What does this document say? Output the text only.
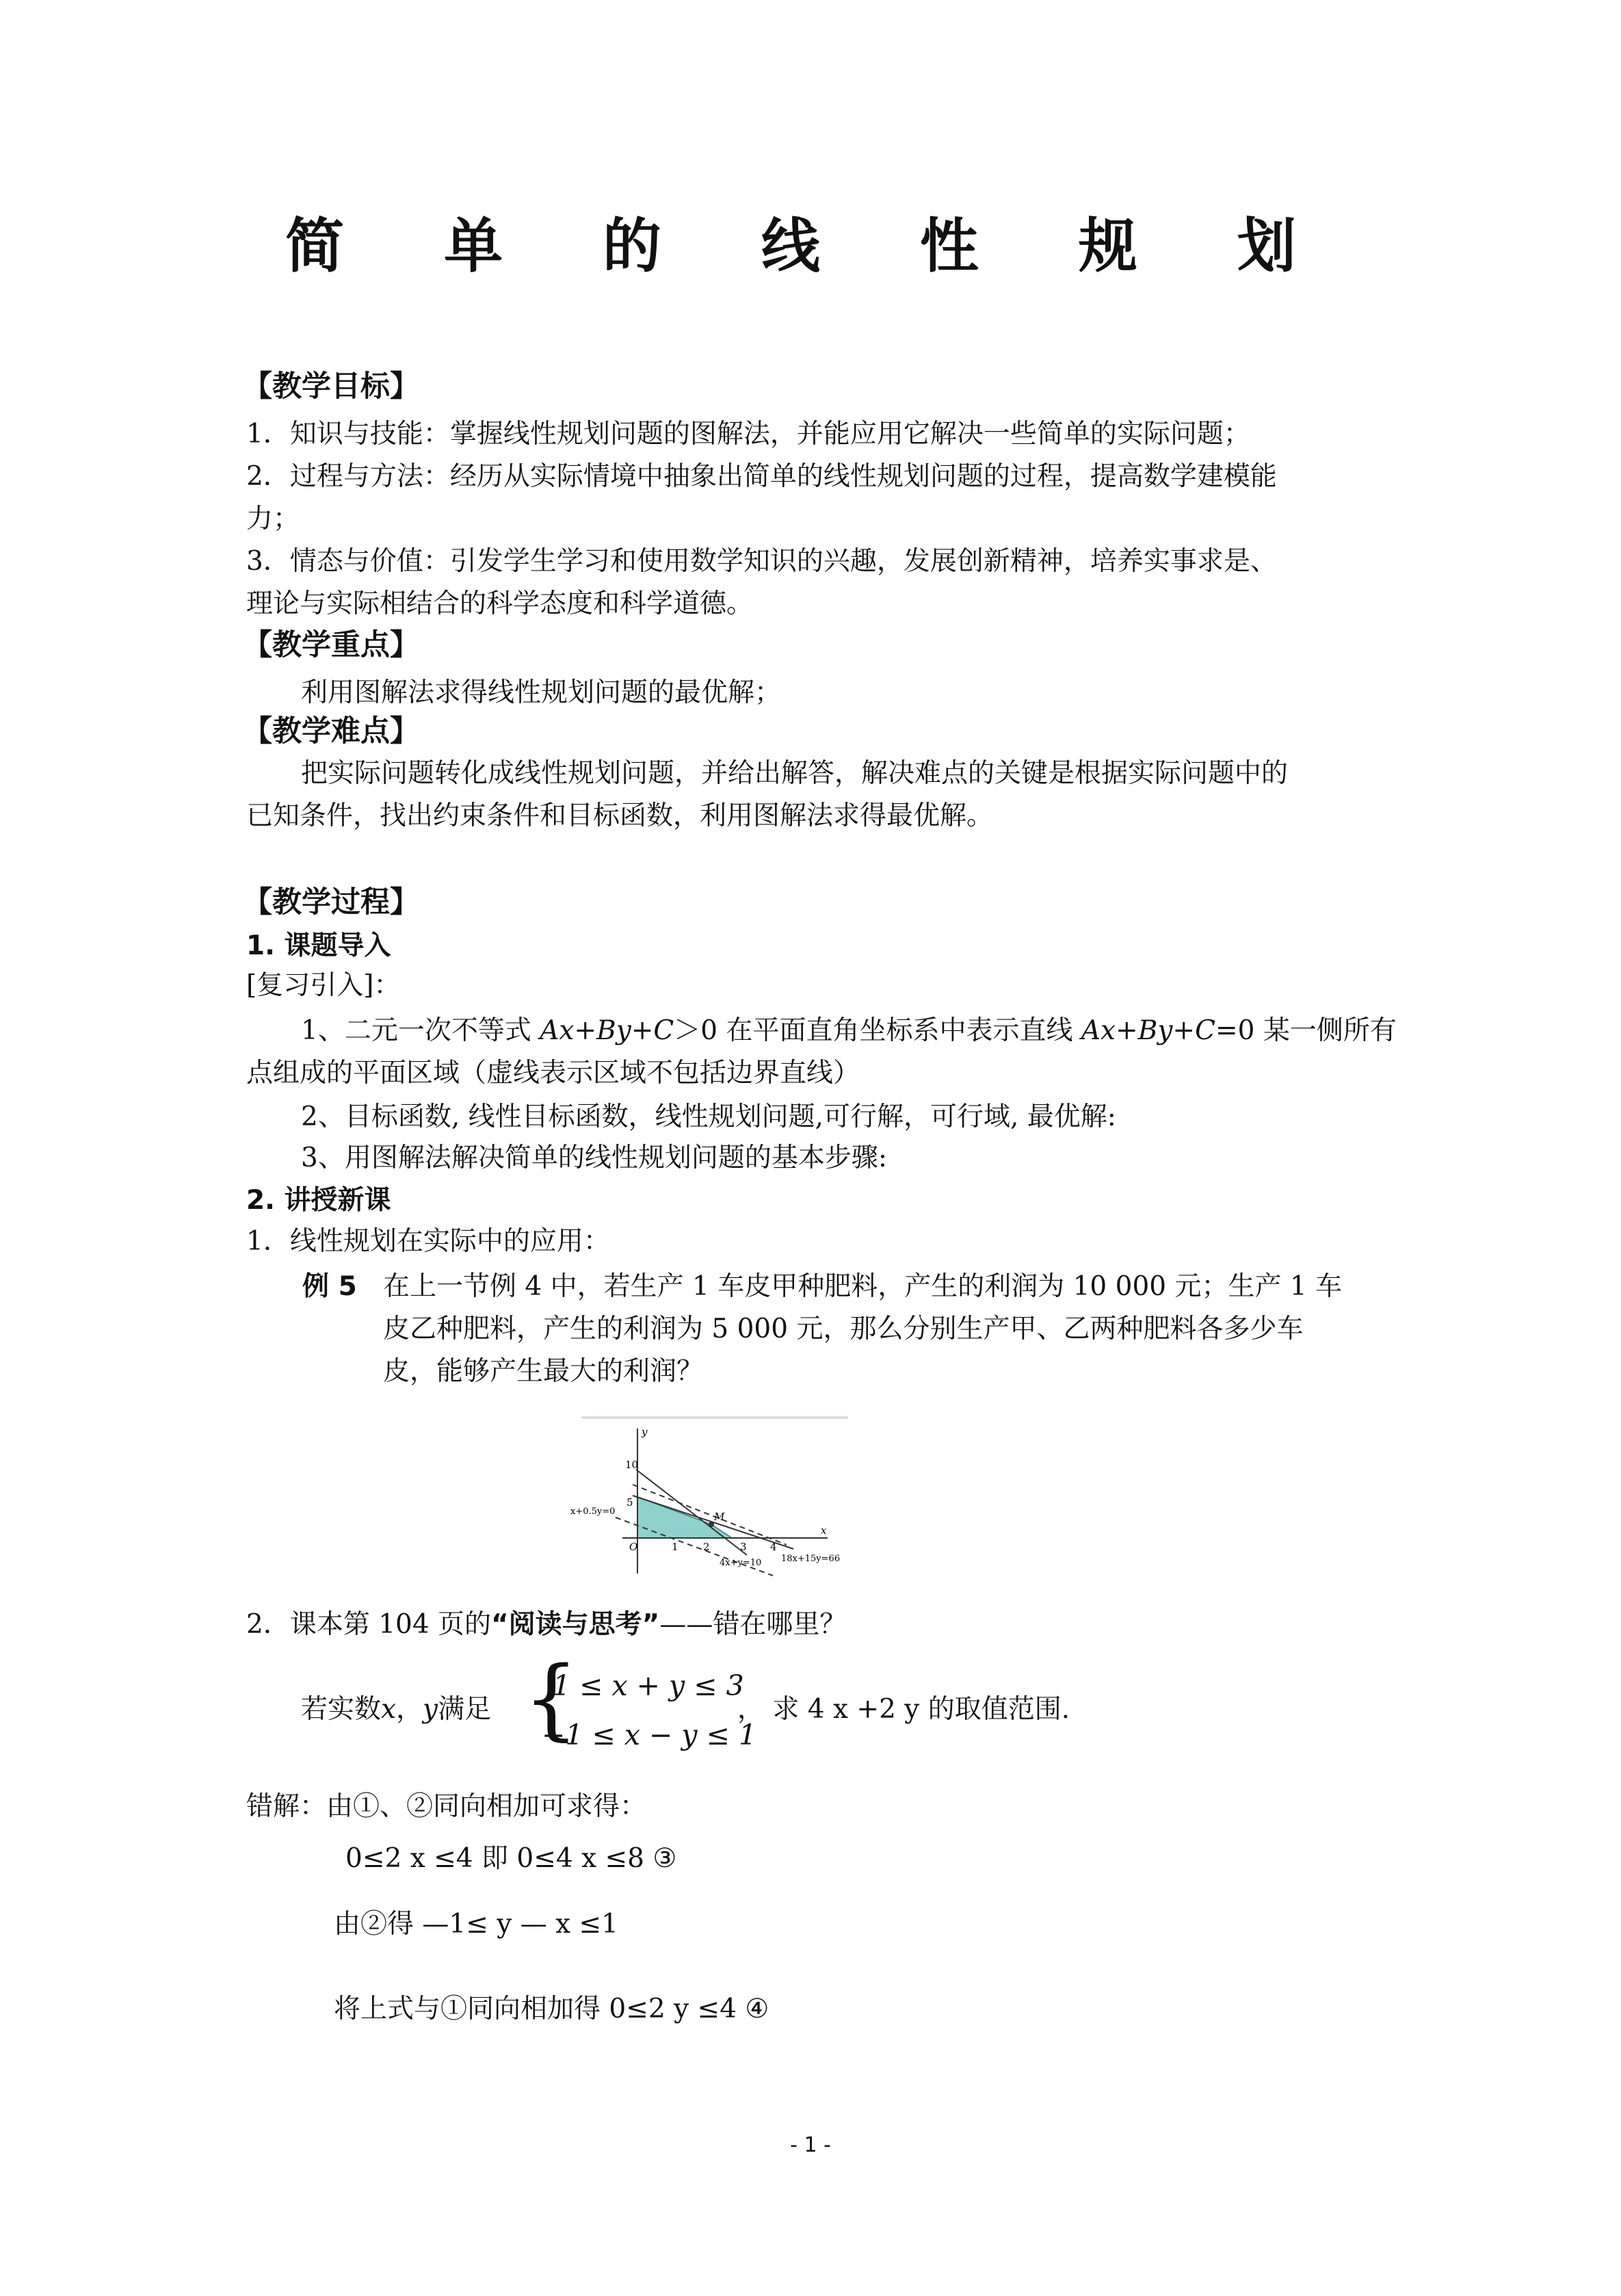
简 单 的 线 性 规 划
【教学目标】
1．知识与技能：掌握线性规划问题的图解法，并能应用它解决一些简单的实际问题；
2．过程与方法：经历从实际情境中抽象出简单的线性规划问题的过程，提高数学建模能
力；
3．情态与价值：引发学生学习和使用数学知识的兴趣，发展创新精神，培养实事求是、
理论与实际相结合的科学态度和科学道德。
【教学重点】
利用图解法求得线性规划问题的最优解；
【教学难点】
把实际问题转化成线性规划问题，并给出解答，解决难点的关键是根据实际问题中的
已知条件，找出约束条件和目标函数，利用图解法求得最优解。
【教学过程】
1. 课题导入
[复习引入]：
1、二元一次不等式 Ax+By+C＞0 在平面直角坐标系中表示直线 Ax+By+C=0 某一侧所有
点组成的平面区域（虚线表示区域不包括边界直线）
2、目标函数, 线性目标函数，线性规划问题,可行解，可行域, 最优解:
3、用图解法解决简单的线性规划问题的基本步骤:
2. 讲授新课
1．线性规划在实际中的应用：
例 5 在上一节例 4 中，若生产 1 车皮甲种肥料，产生的利润为 10 000 元；生产 1 车
皮乙种肥料，产生的利润为 5 000 元，那么分别生产甲、乙两种肥料各多少车
皮，能够产生最大的利润？
y
x
10
5
O	1 2	3 4
x+0.5y=0	M
4x+y=10 18x+15y=66
2．课本第 104 页的“阅读与思考”——错在哪里？
若实数x，y满足 {
1 ≤ x + y ≤ 3
−1 ≤ x − y ≤ 1
， 求 4 x +2 y 的取值范围.
错解：由①、②同向相加可求得：
0≤2 x ≤4 即 0≤4 x ≤8 ③
由②得 —1≤ y — x ≤1
将上式与①同向相加得 0≤2 y ≤4 ④
- 1 -
